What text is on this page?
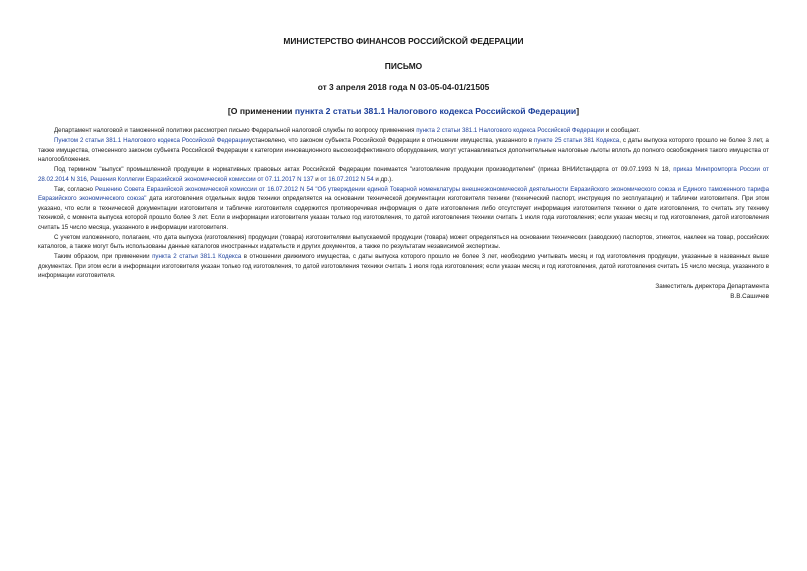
МИНИСТЕРСТВО ФИНАНСОВ РОССИЙСКОЙ ФЕДЕРАЦИИ
ПИСЬМО
от 3 апреля 2018 года N 03-05-04-01/21505
[О применении пункта 2 статьи 381.1 Налогового кодекса Российской Федерации]

Департамент налоговой и таможенной политики рассмотрел письмо Федеральной налоговой службы по вопросу применения пункта 2 статьи 381.1 Налогового кодекса Российской Федерации и сообщает.

Пунктом 2 статьи 381.1 Налогового кодекса Российской Федерацииустановлено, что законом субъекта Российской Федерации в отношении имущества, указанного в пункте 25 статьи 381 Кодекса, с даты выпуска которого прошло не более 3 лет, а также имущества, отнесенного законом субъекта Российской Федерации к категории инновационного высокоэффективного оборудования, могут устанавливаться дополнительные налоговые льготы вплоть до полного освобождения такого имущества от налогообложения.

Под термином "выпуск" промышленной продукции в нормативных правовых актах Российской Федерации понимается "изготовление продукции производителем" (приказ ВНИИстандарта от 09.07.1993 N 18, приказ Минпромторга России от 28.02.2014 N 316, Решения Коллегии Евразийской экономической комиссии от 07.11.2017 N 137 и от 16.07.2012 N 54 и др.).

Так, согласно Решению Совета Евразийской экономической комиссии от 16.07.2012 N 54 "Об утверждении единой Товарной номенклатуры внешнеэкономической деятельности Евразийского экономического союза и Единого таможенного тарифа Евразийского экономического союза" дата изготовления отдельных видов техники определяется на основании технической документации изготовителя техники (технический паспорт, инструкция по эксплуатации) и таблички изготовителя. При этом указано, что если в технической документации изготовителя и табличке изготовителя содержится противоречивая информация о дате изготовления либо отсутствует информация изготовителя техники о дате изготовления, то считать эту технику техникой, с момента выпуска которой прошло более 3 лет. Если в информации изготовителя указан только год изготовления, то датой изготовления техники считать 1 июля года изготовления; если указан месяц и год изготовления, датой изготовления считать 15 число месяца, указанного в информации изготовителя.

С учетом изложенного, полагаем, что дата выпуска (изготовления) продукции (товара) изготовителями выпускаемой продукции (товара) может определяться на основании технических (заводских) паспортов, этикеток, наклеек на товар, российских каталогов, а также могут быть использованы данные каталогов иностранных издательств и других документов, а также по результатам независимой экспертизы.

Таким образом, при применении пункта 2 статьи 381.1 Кодекса в отношении движимого имущества, с даты выпуска которого прошло не более 3 лет, необходимо учитывать месяц и год изготовления продукции, указанные в названных выше документах. При этом если в информации изготовителя указан только год изготовления, то датой изготовления техники считать 1 июля года изготовления; если указан месяц и год изготовления, датой изготовления считать 15 число месяца, указанного в информации изготовителя.

Заместитель директора Департамента
В.В.Сашичев
